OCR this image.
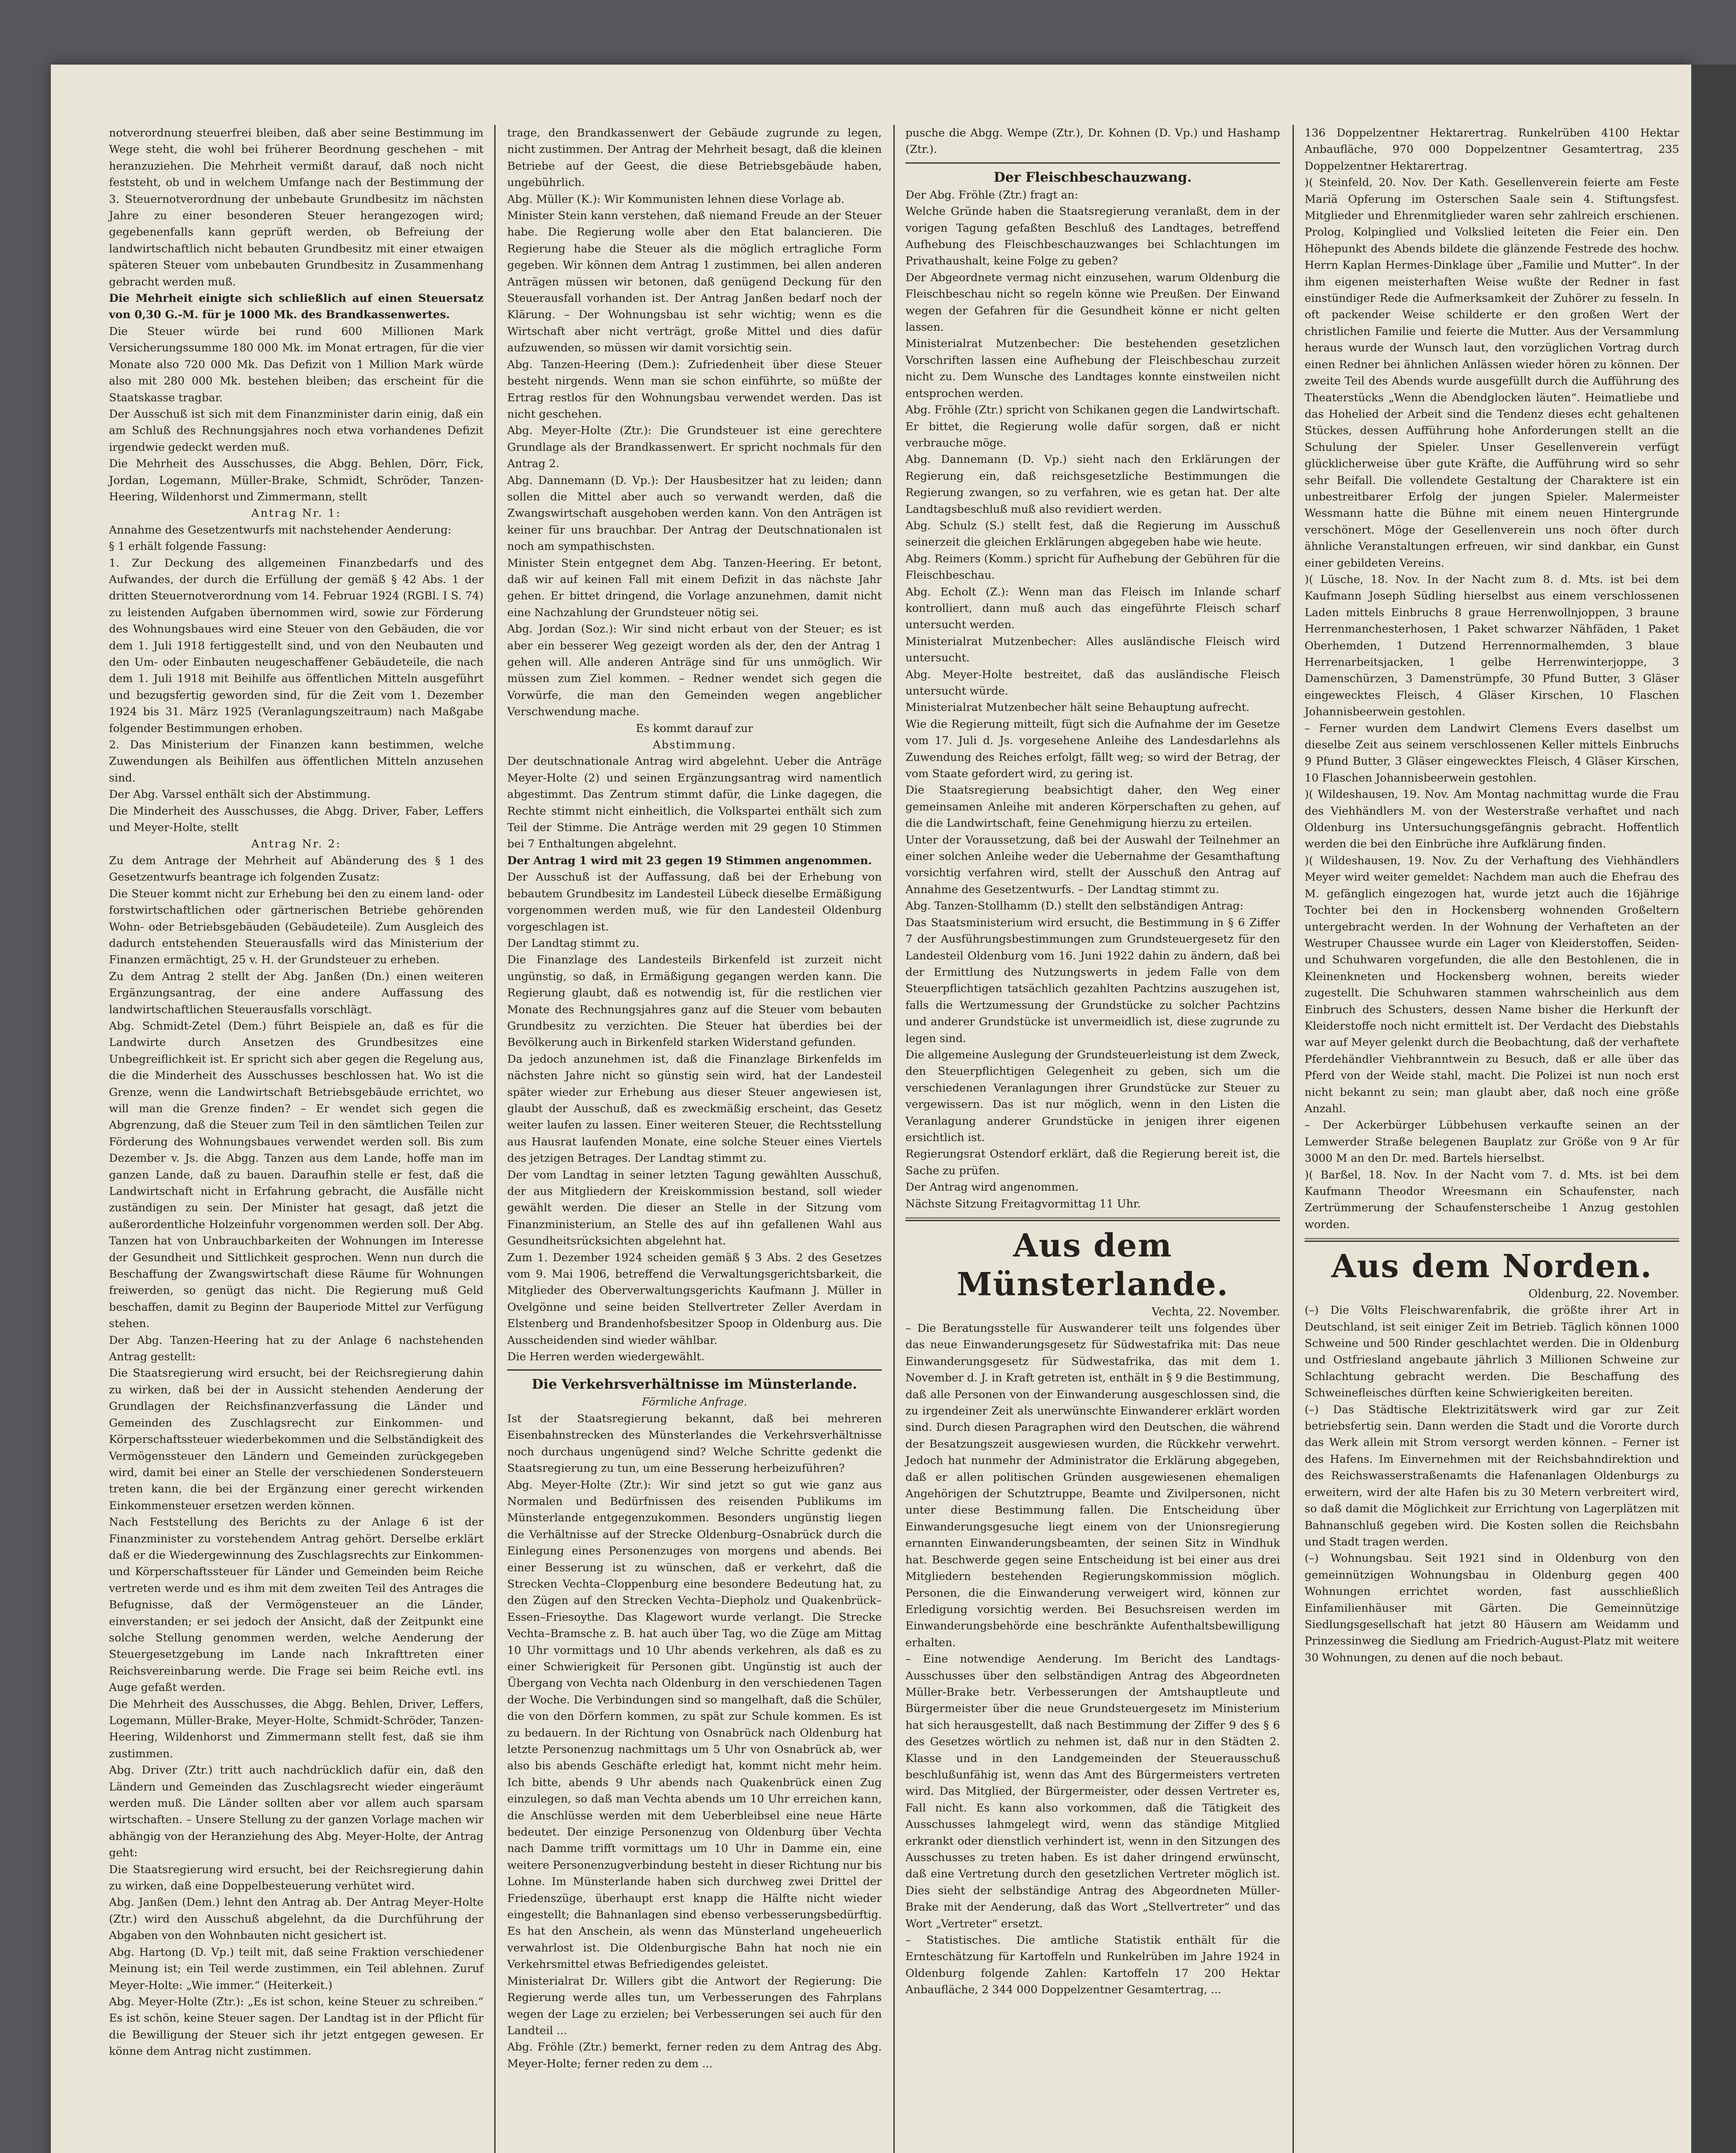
notverordnung steuerfrei bleiben, daß aber seine Bestimmung im Wege steht, die wohl bei früherer Beordnung geschehen – mit heranzuziehen. Die Mehrheit vermißt darauf, daß noch nicht feststeht, ob und in welchem Umfange nach der Bestimmung der 3. Steuernotverordnung der unbebaute Grundbesitz im nächsten Jahre zu einer besonderen Steuer herangezogen wird; gegebenenfalls kann geprüft werden, ob Befreiung der landwirtschaftlich nicht bebauten Grundbesitz mit einer etwaigen späteren Steuer vom unbebauten Grundbesitz in Zusammenhang gebracht werden muß.

Die Mehrheit einigte sich schließlich auf einen Steuersatz von 0,30 G.-M. für je 1000 Mk. des Brandkassenwertes.

Die Steuer würde bei rund 600 Millionen Mark Versicherungssumme 180 000 Mk. im Monat ertragen, für die vier Monate also 720 000 Mk. Das Defizit von 1 Million Mark würde also mit 280 000 Mk. bestehen bleiben; das erscheint für die Staatskasse tragbar.

Der Ausschuß ist sich mit dem Finanzminister darin einig, daß ein am Schluß des Rechnungsjahres noch etwa vorhandenes Defizit irgendwie gedeckt werden muß.

Die Mehrheit des Ausschusses, die Abgg. Behlen, Dörr, Fick, Jordan, Logemann, Müller-Brake, Schmidt, Schröder, Tanzen-Heering, Wildenhorst und Zimmermann, stellt

Antrag Nr. 1:

Annahme des Gesetzentwurfs mit nachstehender Aenderung:

§ 1 erhält folgende Fassung:

1. Zur Deckung des allgemeinen Finanzbedarfs und des Aufwandes, der durch die Erfüllung der gemäß § 42 Abs. 1 der dritten Steuernotverordnung vom 14. Februar 1924 (RGBl. I S. 74) zu leistenden Aufgaben übernommen wird, sowie zur Förderung des Wohnungsbaues wird eine Steuer von den Gebäuden, die vor dem 1. Juli 1918 fertiggestellt sind, und von den Neubauten und den Um- oder Einbauten neugeschaffener Gebäudeteile, die nach dem 1. Juli 1918 mit Beihilfe aus öffentlichen Mitteln ausgeführt und bezugsfertig geworden sind, für die Zeit vom 1. Dezember 1924 bis 31. März 1925 (Veranlagungszeitraum) nach Maßgabe folgender Bestimmungen erhoben.

2. Das Ministerium der Finanzen kann bestimmen, welche Zuwendungen als Beihilfen aus öffentlichen Mitteln anzusehen sind.

Der Abg. Varssel enthält sich der Abstimmung.

Die Minderheit des Ausschusses, die Abgg. Driver, Faber, Leffers und Meyer-Holte, stellt

Antrag Nr. 2:

Zu dem Antrage der Mehrheit auf Abänderung des § 1 des Gesetzentwurfs beantrage ich folgenden Zusatz:

Die Steuer kommt nicht zur Erhebung bei den zu einem land- oder forstwirtschaftlichen oder gärtnerischen Betriebe gehörenden Wohn- oder Betriebsgebäuden (Gebäudeteile). Zum Ausgleich des dadurch entstehenden Steuerausfalls wird das Ministerium der Finanzen ermächtigt, 25 v. H. der Grundsteuer zu erheben.

Zu dem Antrag 2 stellt der Abg. Janßen (Dn.) einen weiteren Ergänzungsantrag, der eine andere Auffassung des landwirtschaftlichen Steuerausfalls vorschlägt.

Abg. Schmidt-Zetel (Dem.) führt Beispiele an, daß es für die Landwirte durch Ansetzen des Grundbesitzes eine Unbegreiflichkeit ist. Er spricht sich aber gegen die Regelung aus, die die Minderheit des Ausschusses beschlossen hat. Wo ist die Grenze, wenn die Landwirtschaft Betriebsgebäude errichtet, wo will man die Grenze finden? – Er wendet sich gegen die Abgrenzung, daß die Steuer zum Teil in den sämtlichen Teilen zur Förderung des Wohnungsbaues verwendet werden soll. Bis zum Dezember v. Js. die Abgg. Tanzen aus dem Lande, hoffe man im ganzen Lande, daß zu bauen. Daraufhin stelle er fest, daß die Landwirtschaft nicht in Erfahrung gebracht, die Ausfälle nicht zuständigen zu sein. Der Minister hat gesagt, daß jetzt die außerordentliche Holzeinfuhr vorgenommen werden soll. Der Abg. Tanzen hat von Unbrauchbarkeiten der Wohnungen im Interesse der Gesundheit und Sittlichkeit gesprochen. Wenn nun durch die Beschaffung der Zwangswirtschaft diese Räume für Wohnungen freiwerden, so genügt das nicht. Die Regierung muß Geld beschaffen, damit zu Beginn der Bauperiode Mittel zur Verfügung stehen.

Der Abg. Tanzen-Heering hat zu der Anlage 6 nachstehenden Antrag gestellt:

Die Staatsregierung wird ersucht, bei der Reichsregierung dahin zu wirken, daß bei der in Aussicht stehenden Aenderung der Grundlagen der Reichsfinanzverfassung die Länder und Gemeinden des Zuschlagsrecht zur Einkommen- und Körperschaftssteuer wiederbekommen und die Selbständigkeit des Vermögenssteuer den Ländern und Gemeinden zurückgegeben wird, damit bei einer an Stelle der verschiedenen Sondersteuern treten kann, die bei der Ergänzung einer gerecht wirkenden Einkommensteuer ersetzen werden können.

Nach Feststellung des Berichts zu der Anlage 6 ist der Finanzminister zu vorstehendem Antrag gehört. Derselbe erklärt daß er die Wiedergewinnung des Zuschlagsrechts zur Einkommen- und Körperschaftssteuer für Länder und Gemeinden beim Reiche vertreten werde und es ihm mit dem zweiten Teil des Antrages die Befugnisse, daß der Vermögensteuer an die Länder, einverstanden; er sei jedoch der Ansicht, daß der Zeitpunkt eine solche Stellung genommen werden, welche Aenderung der Steuergesetzgebung im Lande nach Inkrafttreten einer Reichsvereinbarung werde. Die Frage sei beim Reiche evtl. ins Auge gefaßt werden.

Die Mehrheit des Ausschusses, die Abgg. Behlen, Driver, Leffers, Logemann, Müller-Brake, Meyer-Holte, Schmidt-Schröder, Tanzen-Heering, Wildenhorst und Zimmermann stellt fest, daß sie ihm zustimmen.

Abg. Driver (Ztr.) tritt auch nachdrücklich dafür ein, daß den Ländern und Gemeinden das Zuschlagsrecht wieder eingeräumt werden muß. Die Länder sollten aber vor allem auch sparsam wirtschaften. – Unsere Stellung zu der ganzen Vorlage machen wir abhängig von der Heranziehung des Abg. Meyer-Holte, der Antrag geht:

Die Staatsregierung wird ersucht, bei der Reichsregierung dahin zu wirken, daß eine Doppelbesteuerung verhütet wird.

Abg. Janßen (Dem.) lehnt den Antrag ab. Der Antrag Meyer-Holte (Ztr.) wird den Ausschuß abgelehnt, da die Durchführung der Abgaben von den Wohnbauten nicht gesichert ist.

Abg. Hartong (D. Vp.) teilt mit, daß seine Fraktion verschiedener Meinung ist; ein Teil werde zustimmen, ein Teil ablehnen. Zuruf Meyer-Holte: „Wie immer.“ (Heiterkeit.)

Abg. Meyer-Holte (Ztr.): „Es ist schon, keine Steuer zu schreiben.“ Es ist schön, keine Steuer sagen. Der Landtag ist in der Pflicht für die Bewilligung der Steuer sich ihr jetzt entgegen gewesen. Er könne dem Antrag nicht zustimmen.

trage, den Brandkassenwert der Gebäude zugrunde zu legen, nicht zustimmen. Der Antrag der Mehrheit besagt, daß die kleinen Betriebe auf der Geest, die diese Betriebsgebäude haben, ungebührlich.

Abg. Müller (K.): Wir Kommunisten lehnen diese Vorlage ab.

Minister Stein kann verstehen, daß niemand Freude an der Steuer habe. Die Regierung wolle aber den Etat balancieren. Die Regierung habe die Steuer als die möglich ertragliche Form gegeben. Wir können dem Antrag 1 zustimmen, bei allen anderen Anträgen müssen wir betonen, daß genügend Deckung für den Steuerausfall vorhanden ist. Der Antrag Janßen bedarf noch der Klärung. – Der Wohnungsbau ist sehr wichtig; wenn es die Wirtschaft aber nicht verträgt, große Mittel und dies dafür aufzuwenden, so müssen wir damit vorsichtig sein.

Abg. Tanzen-Heering (Dem.): Zufriedenheit über diese Steuer besteht nirgends. Wenn man sie schon einführte, so müßte der Ertrag restlos für den Wohnungsbau verwendet werden. Das ist nicht geschehen.

Abg. Meyer-Holte (Ztr.): Die Grundsteuer ist eine gerechtere Grundlage als der Brandkassenwert. Er spricht nochmals für den Antrag 2.

Abg. Dannemann (D. Vp.): Der Hausbesitzer hat zu leiden; dann sollen die Mittel aber auch so verwandt werden, daß die Zwangswirtschaft ausgehoben werden kann. Von den Anträgen ist keiner für uns brauchbar. Der Antrag der Deutschnationalen ist noch am sympathischsten.

Minister Stein entgegnet dem Abg. Tanzen-Heering. Er betont, daß wir auf keinen Fall mit einem Defizit in das nächste Jahr gehen. Er bittet dringend, die Vorlage anzunehmen, damit nicht eine Nachzahlung der Grundsteuer nötig sei.

Abg. Jordan (Soz.): Wir sind nicht erbaut von der Steuer; es ist aber ein besserer Weg gezeigt worden als der, den der Antrag 1 gehen will. Alle anderen Anträge sind für uns unmöglich. Wir müssen zum Ziel kommen. – Redner wendet sich gegen die Vorwürfe, die man den Gemeinden wegen angeblicher Verschwendung mache.

Es kommt darauf zur

Abstimmung.

Der deutschnationale Antrag wird abgelehnt. Ueber die Anträge Meyer-Holte (2) und seinen Ergänzungsantrag wird namentlich abgestimmt. Das Zentrum stimmt dafür, die Linke dagegen, die Rechte stimmt nicht einheitlich, die Volkspartei enthält sich zum Teil der Stimme. Die Anträge werden mit 29 gegen 10 Stimmen bei 7 Enthaltungen abgelehnt.

Der Antrag 1 wird mit 23 gegen 19 Stimmen angenommen.

Der Ausschuß ist der Auffassung, daß bei der Erhebung von bebautem Grundbesitz im Landesteil Lübeck dieselbe Ermäßigung vorgenommen werden muß, wie für den Landesteil Oldenburg vorgeschlagen ist.

Der Landtag stimmt zu.

Die Finanzlage des Landesteils Birkenfeld ist zurzeit nicht ungünstig, so daß, in Ermäßigung gegangen werden kann. Die Regierung glaubt, daß es notwendig ist, für die restlichen vier Monate des Rechnungsjahres ganz auf die Steuer vom bebauten Grundbesitz zu verzichten. Die Steuer hat überdies bei der Bevölkerung auch in Birkenfeld starken Widerstand gefunden.

Da jedoch anzunehmen ist, daß die Finanzlage Birkenfelds im nächsten Jahre nicht so günstig sein wird, hat der Landesteil später wieder zur Erhebung aus dieser Steuer angewiesen ist, glaubt der Ausschuß, daß es zweckmäßig erscheint, das Gesetz weiter laufen zu lassen. Einer weiteren Steuer, die Rechtsstellung aus Hausrat laufenden Monate, eine solche Steuer eines Viertels des jetzigen Betrages. Der Landtag stimmt zu.

Der vom Landtag in seiner letzten Tagung gewählten Ausschuß, der aus Mitgliedern der Kreiskommission bestand, soll wieder gewählt werden. Die dieser an Stelle in der Sitzung vom Finanzministerium, an Stelle des auf ihn gefallenen Wahl aus Gesundheitsrücksichten abgelehnt hat.

Zum 1. Dezember 1924 scheiden gemäß § 3 Abs. 2 des Gesetzes vom 9. Mai 1906, betreffend die Verwaltungsgerichtsbarkeit, die Mitglieder des Oberverwaltungsgerichts Kaufmann J. Müller in Ovelgönne und seine beiden Stellvertreter Zeller Averdam in Elstenberg und Brandenhofsbesitzer Spoop in Oldenburg aus. Die Ausscheidenden sind wieder wählbar.

Die Herren werden wiedergewählt.

Die Verkehrsverhältnisse im Münsterlande.

Förmliche Anfrage.

Ist der Staatsregierung bekannt, daß bei mehreren Eisenbahnstrecken des Münsterlandes die Verkehrsverhältnisse noch durchaus ungenügend sind? Welche Schritte gedenkt die Staatsregierung zu tun, um eine Besserung herbeizuführen?

Abg. Meyer-Holte (Ztr.): Wir sind jetzt so gut wie ganz aus Normalen und Bedürfnissen des reisenden Publikums im Münsterlande entgegenzukommen. Besonders ungünstig liegen die Verhältnisse auf der Strecke Oldenburg–Osnabrück durch die Einlegung eines Personenzuges von morgens und abends. Bei einer Besserung ist zu wünschen, daß er verkehrt, daß die Strecken Vechta–Cloppenburg eine besondere Bedeutung hat, zu den Zügen auf den Strecken Vechta–Diepholz und Quakenbrück–Essen–Friesoythe. Das Klagewort wurde verlangt. Die Strecke Vechta–Bramsche z. B. hat auch über Tag, wo die Züge am Mittag 10 Uhr vormittags und 10 Uhr abends verkehren, als daß es zu einer Schwierigkeit für Personen gibt. Ungünstig ist auch der Übergang von Vechta nach Oldenburg in den verschiedenen Tagen der Woche. Die Verbindungen sind so mangelhaft, daß die Schüler, die von den Dörfern kommen, zu spät zur Schule kommen. Es ist zu bedauern. In der Richtung von Osnabrück nach Oldenburg hat letzte Personenzug nachmittags um 5 Uhr von Osnabrück ab, wer also bis abends Geschäfte erledigt hat, kommt nicht mehr heim. Ich bitte, abends 9 Uhr abends nach Quakenbrück einen Zug einzulegen, so daß man Vechta abends um 10 Uhr erreichen kann, die Anschlüsse werden mit dem Ueberbleibsel eine neue Härte bedeutet. Der einzige Personenzug von Oldenburg über Vechta nach Damme trifft vormittags um 10 Uhr in Damme ein, eine weitere Personenzugverbindung besteht in dieser Richtung nur bis Lohne. Im Münsterlande haben sich durchweg zwei Drittel der Friedenszüge, überhaupt erst knapp die Hälfte nicht wieder eingestellt; die Bahnanlagen sind ebenso verbesserungsbedürftig. Es hat den Anschein, als wenn das Münsterland ungeheuerlich verwahrlost ist. Die Oldenburgische Bahn hat noch nie ein Verkehrsmittel etwas Befriedigendes geleistet.

Ministerialrat Dr. Willers gibt die Antwort der Regierung: Die Regierung werde alles tun, um Verbesserungen des Fahrplans wegen der Lage zu erzielen; bei Verbesserungen sei auch für den Landteil ...

Abg. Fröhle (Ztr.) bemerkt, ferner reden zu dem Antrag des Abg. Meyer-Holte; ferner reden zu dem ...

pusche die Abgg. Wempe (Ztr.), Dr. Kohnen (D. Vp.) und Hashamp (Ztr.).

Der Fleischbeschauzwang.

Der Abg. Fröhle (Ztr.) fragt an:

Welche Gründe haben die Staatsregierung veranlaßt, dem in der vorigen Tagung gefaßten Beschluß des Landtages, betreffend Aufhebung des Fleischbeschauzwanges bei Schlachtungen im Privathaushalt, keine Folge zu geben?

Der Abgeordnete vermag nicht einzusehen, warum Oldenburg die Fleischbeschau nicht so regeln könne wie Preußen. Der Einwand wegen der Gefahren für die Gesundheit könne er nicht gelten lassen.

Ministerialrat Mutzenbecher: Die bestehenden gesetzlichen Vorschriften lassen eine Aufhebung der Fleischbeschau zurzeit nicht zu. Dem Wunsche des Landtages konnte einstweilen nicht entsprochen werden.

Abg. Fröhle (Ztr.) spricht von Schikanen gegen die Landwirtschaft. Er bittet, die Regierung wolle dafür sorgen, daß er nicht verbrauche möge.

Abg. Dannemann (D. Vp.) sieht nach den Erklärungen der Regierung ein, daß reichsgesetzliche Bestimmungen die Regierung zwangen, so zu verfahren, wie es getan hat. Der alte Landtagsbeschluß muß also revidiert werden.

Abg. Schulz (S.) stellt fest, daß die Regierung im Ausschuß seinerzeit die gleichen Erklärungen abgegeben habe wie heute.

Abg. Reimers (Komm.) spricht für Aufhebung der Gebühren für die Fleischbeschau.

Abg. Echolt (Z.): Wenn man das Fleisch im Inlande scharf kontrolliert, dann muß auch das eingeführte Fleisch scharf untersucht werden.

Ministerialrat Mutzenbecher: Alles ausländische Fleisch wird untersucht.

Abg. Meyer-Holte bestreitet, daß das ausländische Fleisch untersucht würde.

Ministerialrat Mutzenbecher hält seine Behauptung aufrecht.

Wie die Regierung mitteilt, fügt sich die Aufnahme der im Gesetze vom 17. Juli d. Js. vorgesehene Anleihe des Landesdarlehns als Zuwendung des Reiches erfolgt, fällt weg; so wird der Betrag, der vom Staate gefordert wird, zu gering ist.

Die Staatsregierung beabsichtigt daher, den Weg einer gemeinsamen Anleihe mit anderen Körperschaften zu gehen, auf die die Landwirtschaft, feine Genehmigung hierzu zu erteilen.

Unter der Voraussetzung, daß bei der Auswahl der Teilnehmer an einer solchen Anleihe weder die Uebernahme der Gesamthaftung vorsichtig verfahren wird, stellt der Ausschuß den Antrag auf Annahme des Gesetzentwurfs. – Der Landtag stimmt zu.

Abg. Tanzen-Stollhamm (D.) stellt den selbständigen Antrag:

Das Staatsministerium wird ersucht, die Bestimmung in § 6 Ziffer 7 der Ausführungsbestimmungen zum Grundsteuergesetz für den Landesteil Oldenburg vom 16. Juni 1922 dahin zu ändern, daß bei der Ermittlung des Nutzungswerts in jedem Falle von dem Steuerpflichtigen tatsächlich gezahlten Pachtzins auszugehen ist, falls die Wertzumessung der Grundstücke zu solcher Pachtzins und anderer Grundstücke ist unvermeidlich ist, diese zugrunde zu legen sind.

Die allgemeine Auslegung der Grundsteuerleistung ist dem Zweck, den Steuerpflichtigen Gelegenheit zu geben, sich um die verschiedenen Veranlagungen ihrer Grundstücke zur Steuer zu vergewissern. Das ist nur möglich, wenn in den Listen die Veranlagung anderer Grundstücke in jenigen ihrer eigenen ersichtlich ist.

Regierungsrat Ostendorf erklärt, daß die Regierung bereit ist, die Sache zu prüfen.

Der Antrag wird angenommen.

Nächste Sitzung Freitagvormittag 11 Uhr.

Aus dem Münsterlande.

Vechta, 22. November.

– Die Beratungsstelle für Auswanderer teilt uns folgendes über das neue Einwanderungsgesetz für Südwestafrika mit: Das neue Einwanderungsgesetz für Südwestafrika, das mit dem 1. November d. J. in Kraft getreten ist, enthält in § 9 die Bestimmung, daß alle Personen von der Einwanderung ausgeschlossen sind, die zu irgendeiner Zeit als unerwünschte Einwanderer erklärt worden sind. Durch diesen Paragraphen wird den Deutschen, die während der Besatzungszeit ausgewiesen wurden, die Rückkehr verwehrt. Jedoch hat nunmehr der Administrator die Erklärung abgegeben, daß er allen politischen Gründen ausgewiesenen ehemaligen Angehörigen der Schutztruppe, Beamte und Zivilpersonen, nicht unter diese Bestimmung fallen. Die Entscheidung über Einwanderungsgesuche liegt einem von der Unionsregierung ernannten Einwanderungsbeamten, der seinen Sitz in Windhuk hat. Beschwerde gegen seine Entscheidung ist bei einer aus drei Mitgliedern bestehenden Regierungskommission möglich. Personen, die die Einwanderung verweigert wird, können zur Erledigung vorsichtig werden. Bei Besuchsreisen werden im Einwanderungsbehörde eine beschränkte Aufenthaltsbewilligung erhalten.

– Eine notwendige Aenderung. Im Bericht des Landtags-Ausschusses über den selbständigen Antrag des Abgeordneten Müller-Brake betr. Verbesserungen der Amtshauptleute und Bürgermeister über die neue Grundsteuergesetz im Ministerium hat sich herausgestellt, daß nach Bestimmung der Ziffer 9 des § 6 des Gesetzes wörtlich zu nehmen ist, daß nur in den Städten 2. Klasse und in den Landgemeinden der Steuerausschuß beschlußunfähig ist, wenn das Amt des Bürgermeisters vertreten wird. Das Mitglied, der Bürgermeister, oder dessen Vertreter es, Fall nicht. Es kann also vorkommen, daß die Tätigkeit des Ausschusses lahmgelegt wird, wenn das ständige Mitglied erkrankt oder dienstlich verhindert ist, wenn in den Sitzungen des Ausschusses zu treten haben. Es ist daher dringend erwünscht, daß eine Vertretung durch den gesetzlichen Vertreter möglich ist. Dies sieht der selbständige Antrag des Abgeordneten Müller-Brake mit der Aenderung, daß das Wort „Stellvertreter“ und das Wort „Vertreter“ ersetzt.

– Statistisches. Die amtliche Statistik enthält für die Ernteschätzung für Kartoffeln und Runkelrüben im Jahre 1924 in Oldenburg folgende Zahlen: Kartoffeln 17 200 Hektar Anbaufläche, 2 344 000 Doppelzentner Gesamtertrag, ...

136 Doppelzentner Hektarertrag. Runkelrüben 4100 Hektar Anbaufläche, 970 000 Doppelzentner Gesamtertrag, 235 Doppelzentner Hektarertrag.

)( Steinfeld, 20. Nov. Der Kath. Gesellenverein feierte am Feste Mariä Opferung im Osterschen Saale sein 4. Stiftungsfest. Mitglieder und Ehrenmitglieder waren sehr zahlreich erschienen. Prolog, Kolpinglied und Volkslied leiteten die Feier ein. Den Höhepunkt des Abends bildete die glänzende Festrede des hochw. Herrn Kaplan Hermes-Dinklage über „Familie und Mutter“. In der ihm eigenen meisterhaften Weise wußte der Redner in fast einstündiger Rede die Aufmerksamkeit der Zuhörer zu fesseln. In oft packender Weise schilderte er den großen Wert der christlichen Familie und feierte die Mutter. Aus der Versammlung heraus wurde der Wunsch laut, den vorzüglichen Vortrag durch einen Redner bei ähnlichen Anlässen wieder hören zu können. Der zweite Teil des Abends wurde ausgefüllt durch die Aufführung des Theaterstücks „Wenn die Abendglocken läuten“. Heimatliebe und das Hohelied der Arbeit sind die Tendenz dieses echt gehaltenen Stückes, dessen Aufführung hohe Anforderungen stellt an die Schulung der Spieler. Unser Gesellenverein verfügt glücklicherweise über gute Kräfte, die Aufführung wird so sehr sehr Beifall. Die vollendete Gestaltung der Charaktere ist ein unbestreitbarer Erfolg der jungen Spieler. Malermeister Wessmann hatte die Bühne mit einem neuen Hintergrunde verschönert. Möge der Gesellenverein uns noch öfter durch ähnliche Veranstaltungen erfreuen, wir sind dankbar, ein Gunst einer gebildeten Vereins.

)( Lüsche, 18. Nov. In der Nacht zum 8. d. Mts. ist bei dem Kaufmann Joseph Südling hierselbst aus einem verschlossenen Laden mittels Einbruchs 8 graue Herrenwollnjoppen, 3 braune Herrenmanchesterhosen, 1 Paket schwarzer Nähfäden, 1 Paket Oberhemden, 1 Dutzend Herrennormalhemden, 3 blaue Herrenarbeitsjacken, 1 gelbe Herrenwinterjoppe, 3 Damenschürzen, 3 Damenstrümpfe, 30 Pfund Butter, 3 Gläser eingewecktes Fleisch, 4 Gläser Kirschen, 10 Flaschen Johannisbeerwein gestohlen.

– Ferner wurden dem Landwirt Clemens Evers daselbst um dieselbe Zeit aus seinem verschlossenen Keller mittels Einbruchs 9 Pfund Butter, 3 Gläser eingewecktes Fleisch, 4 Gläser Kirschen, 10 Flaschen Johannisbeerwein gestohlen.

)( Wildeshausen, 19. Nov. Am Montag nachmittag wurde die Frau des Viehhändlers M. von der Westerstraße verhaftet und nach Oldenburg ins Untersuchungsgefängnis gebracht. Hoffentlich werden die bei den Einbrüche ihre Aufklärung finden.

)( Wildeshausen, 19. Nov. Zu der Verhaftung des Viehhändlers Meyer wird weiter gemeldet: Nachdem man auch die Ehefrau des M. gefänglich eingezogen hat, wurde jetzt auch die 16jährige Tochter bei den in Hockensberg wohnenden Großeltern untergebracht werden. In der Wohnung der Verhafteten an der Westruper Chaussee wurde ein Lager von Kleiderstoffen, Seiden- und Schuhwaren vorgefunden, die alle den Bestohlenen, die in Kleinenkneten und Hockensberg wohnen, bereits wieder zugestellt. Die Schuhwaren stammen wahrscheinlich aus dem Einbruch des Schusters, dessen Name bisher die Herkunft der Kleiderstoffe noch nicht ermittelt ist. Der Verdacht des Diebstahls war auf Meyer gelenkt durch die Beobachtung, daß der verhaftete Pferdehändler Viehbranntwein zu Besuch, daß er alle über das Pferd von der Weide stahl, macht. Die Polizei ist nun noch erst nicht bekannt zu sein; man glaubt aber, daß noch eine größe Anzahl.

– Der Ackerbürger Lübbehusen verkaufte seinen an der Lemwerder Straße belegenen Bauplatz zur Größe von 9 Ar für 3000 M an den Dr. med. Bartels hierselbst.

)( Barßel, 18. Nov. In der Nacht vom 7. d. Mts. ist bei dem Kaufmann Theodor Wreesmann ein Schaufenster, nach Zertrümmerung der Schaufensterscheibe 1 Anzug gestohlen worden.

Aus dem Norden.

Oldenburg, 22. November.

(–) Die Völts Fleischwarenfabrik, die größte ihrer Art in Deutschland, ist seit einiger Zeit im Betrieb. Täglich können 1000 Schweine und 500 Rinder geschlachtet werden. Die in Oldenburg und Ostfriesland angebaute jährlich 3 Millionen Schweine zur Schlachtung gebracht werden. Die Beschaffung des Schweinefleisches dürften keine Schwierigkeiten bereiten.

(–) Das Städtische Elektrizitätswerk wird gar zur Zeit betriebsfertig sein. Dann werden die Stadt und die Vororte durch das Werk allein mit Strom versorgt werden können. – Ferner ist des Hafens. Im Einvernehmen mit der Reichsbahndirektion und des Reichswasserstraßenamts die Hafenanlagen Oldenburgs zu erweitern, wird der alte Hafen bis zu 30 Metern verbreitert wird, so daß damit die Möglichkeit zur Errichtung von Lagerplätzen mit Bahnanschluß gegeben wird. Die Kosten sollen die Reichsbahn und Stadt tragen werden.

(–) Wohnungsbau. Seit 1921 sind in Oldenburg von den gemeinnützigen Wohnungsbau in Oldenburg gegen 400 Wohnungen errichtet worden, fast ausschließlich Einfamilienhäuser mit Gärten. Die Gemeinnützige Siedlungsgesellschaft hat jetzt 80 Häusern am Weidamm und Prinzessinweg die Siedlung am Friedrich-August-Platz mit weitere 30 Wohnungen, zu denen auf die noch bebaut.
